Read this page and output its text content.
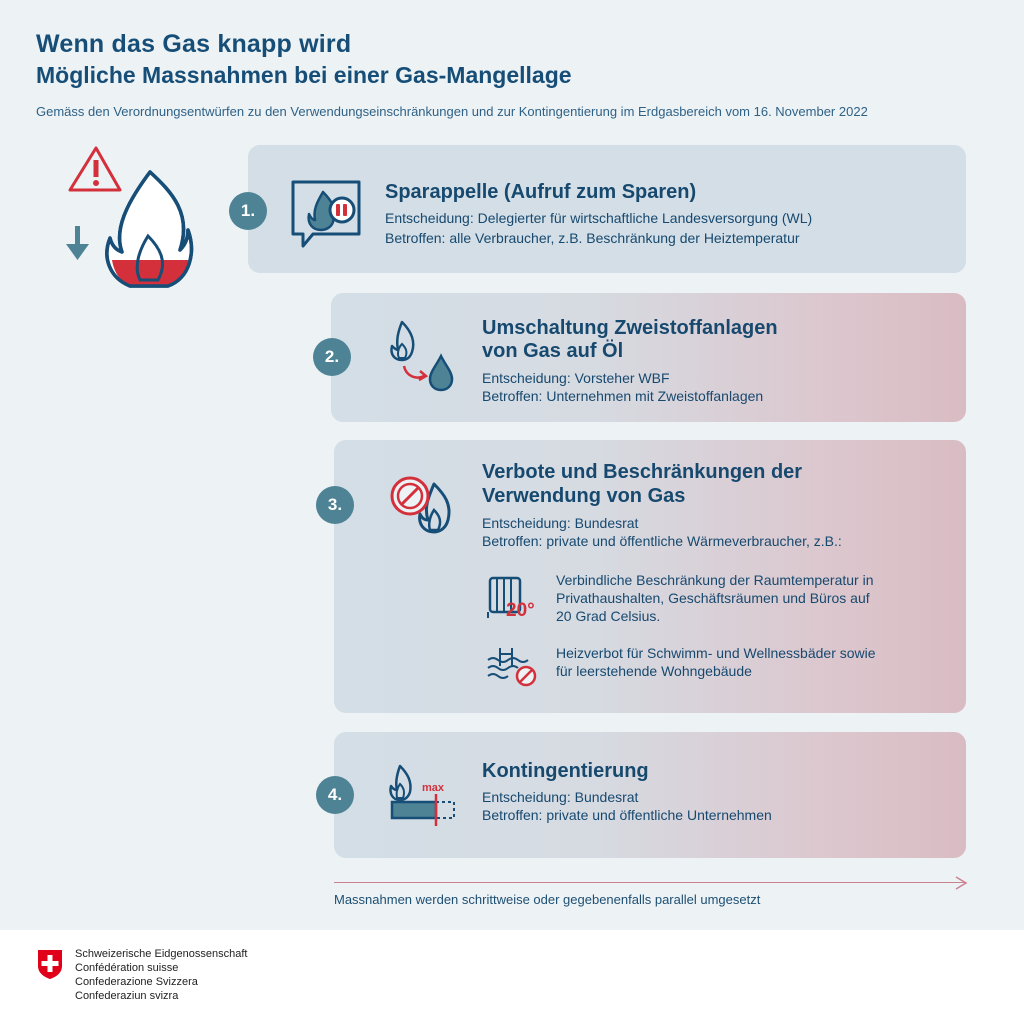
Wenn das Gas knapp wird
Mögliche Massnahmen bei einer Gas-Mangellage

Gemäss den Verordnungsentwürfen zu den Verwendungseinschränkungen und zur Kontingentierung im Erdgasbereich vom 16. November 2022

1.
Sparappelle (Aufruf zum Sparen)

Entscheidung: Delegierter für wirtschaftliche Landesversorgung (WL)

Betroffen: alle Verbraucher, z.B. Beschränkung der Heiztemperatur

2.
Umschaltung Zweistoffanlagen
von Gas auf Öl

Entscheidung: Vorsteher WBF

Betroffen: Unternehmen mit Zweistoffanlagen

3.
Verbote und Beschränkungen der
Verwendung von Gas

Entscheidung: Bundesrat

Betroffen: private und öffentliche Wärmeverbraucher, z.B.:

20°

Verbindliche Beschränkung der Raumtemperatur in

Privathaushalten, Geschäftsräumen und Büros auf

20 Grad Celsius.

Heizverbot für Schwimm- und Wellnessbäder sowie

für leerstehende Wohngebäude

4.	max
Kontingentierung

Entscheidung: Bundesrat

Betroffen: private und öffentliche Unternehmen

Massnahmen werden schrittweise oder gegebenenfalls parallel umgesetzt

Schweizerische Eidgenossenschaft

Confédération suisse

Confederazione Svizzera

Confederaziun svizra
